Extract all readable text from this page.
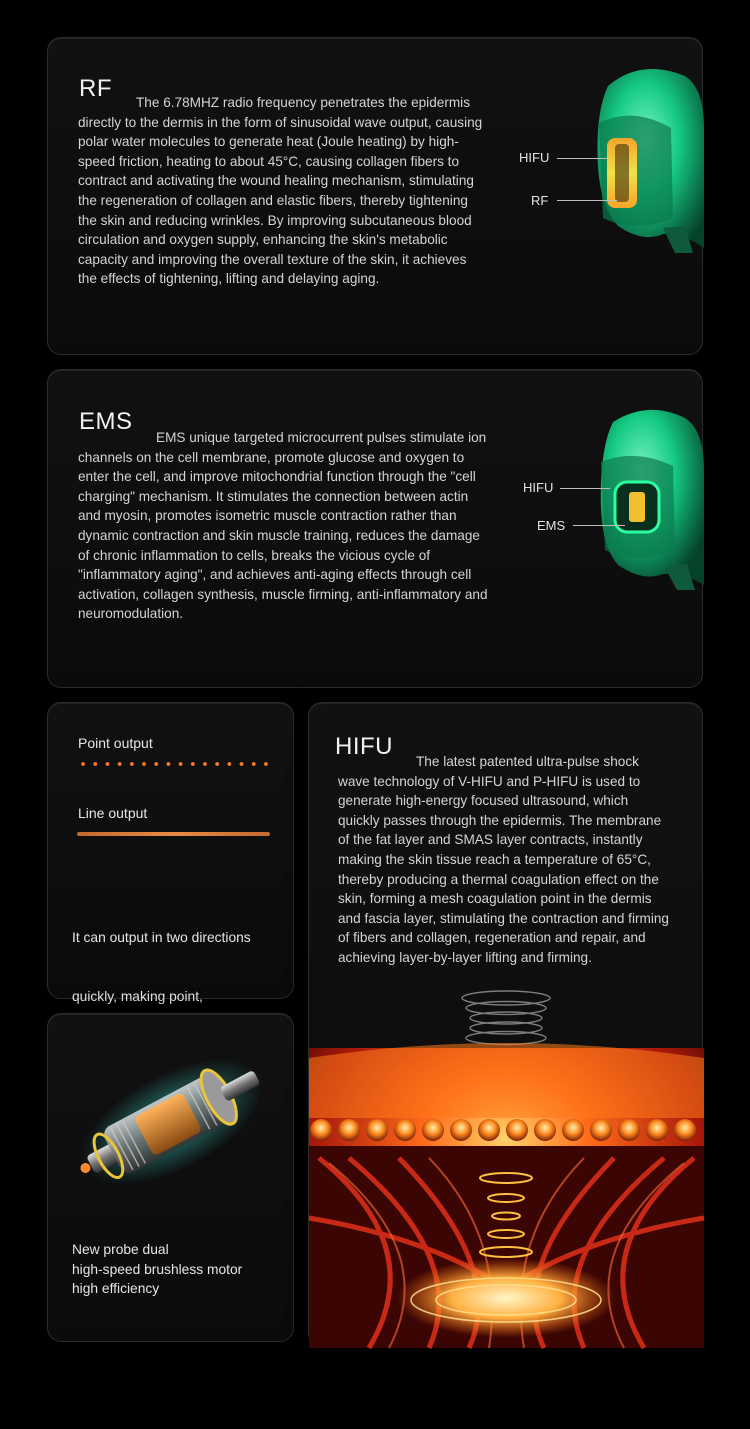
RF
The 6.78MHZ radio frequency penetrates the epidermis directly to the dermis in the form of sinusoidal wave output, causing polar water molecules to generate heat (Joule heating) by high-speed friction, heating to about 45°C, causing collagen fibers to contract and activating the wound healing mechanism, stimulating the regeneration of collagen and elastic fibers, thereby tightening the skin and reducing wrinkles. By improving subcutaneous blood circulation and oxygen supply, enhancing the skin's metabolic capacity and improving the overall texture of the skin, it achieves the effects of tightening, lifting and delaying aging.
HIFU
RF
EMS
EMS unique targeted microcurrent pulses stimulate ion channels on the cell membrane, promote glucose and oxygen to enter the cell, and improve mitochondrial function through the "cell charging" mechanism. It stimulates the connection between actin and myosin, promotes isometric muscle contraction rather than dynamic contraction and skin muscle training, reduces the damage of chronic inflammation to cells, breaks the vicious cycle of "inflammatory aging", and achieves anti-aging effects through cell activation, collagen synthesis, muscle firming, anti-inflammatory and neuromodulation.
HIFU
EMS
Point output
Line output

It can output in two directions

quickly, making point,

New probe dual
high-speed brushless motor
high efficiency
HIFU
The latest patented ultra-pulse shock wave technology of V-HIFU and P-HIFU is used to generate high-energy focused ultrasound, which quickly passes through the epidermis. The membrane of the fat layer and SMAS layer contracts, instantly making the skin tissue reach a temperature of 65°C, thereby producing a thermal coagulation effect on the skin, forming a mesh coagulation point in the dermis and fascia layer, stimulating the contraction and firming of fibers and collagen, regeneration and repair, and achieving layer-by-layer lifting and firming.
